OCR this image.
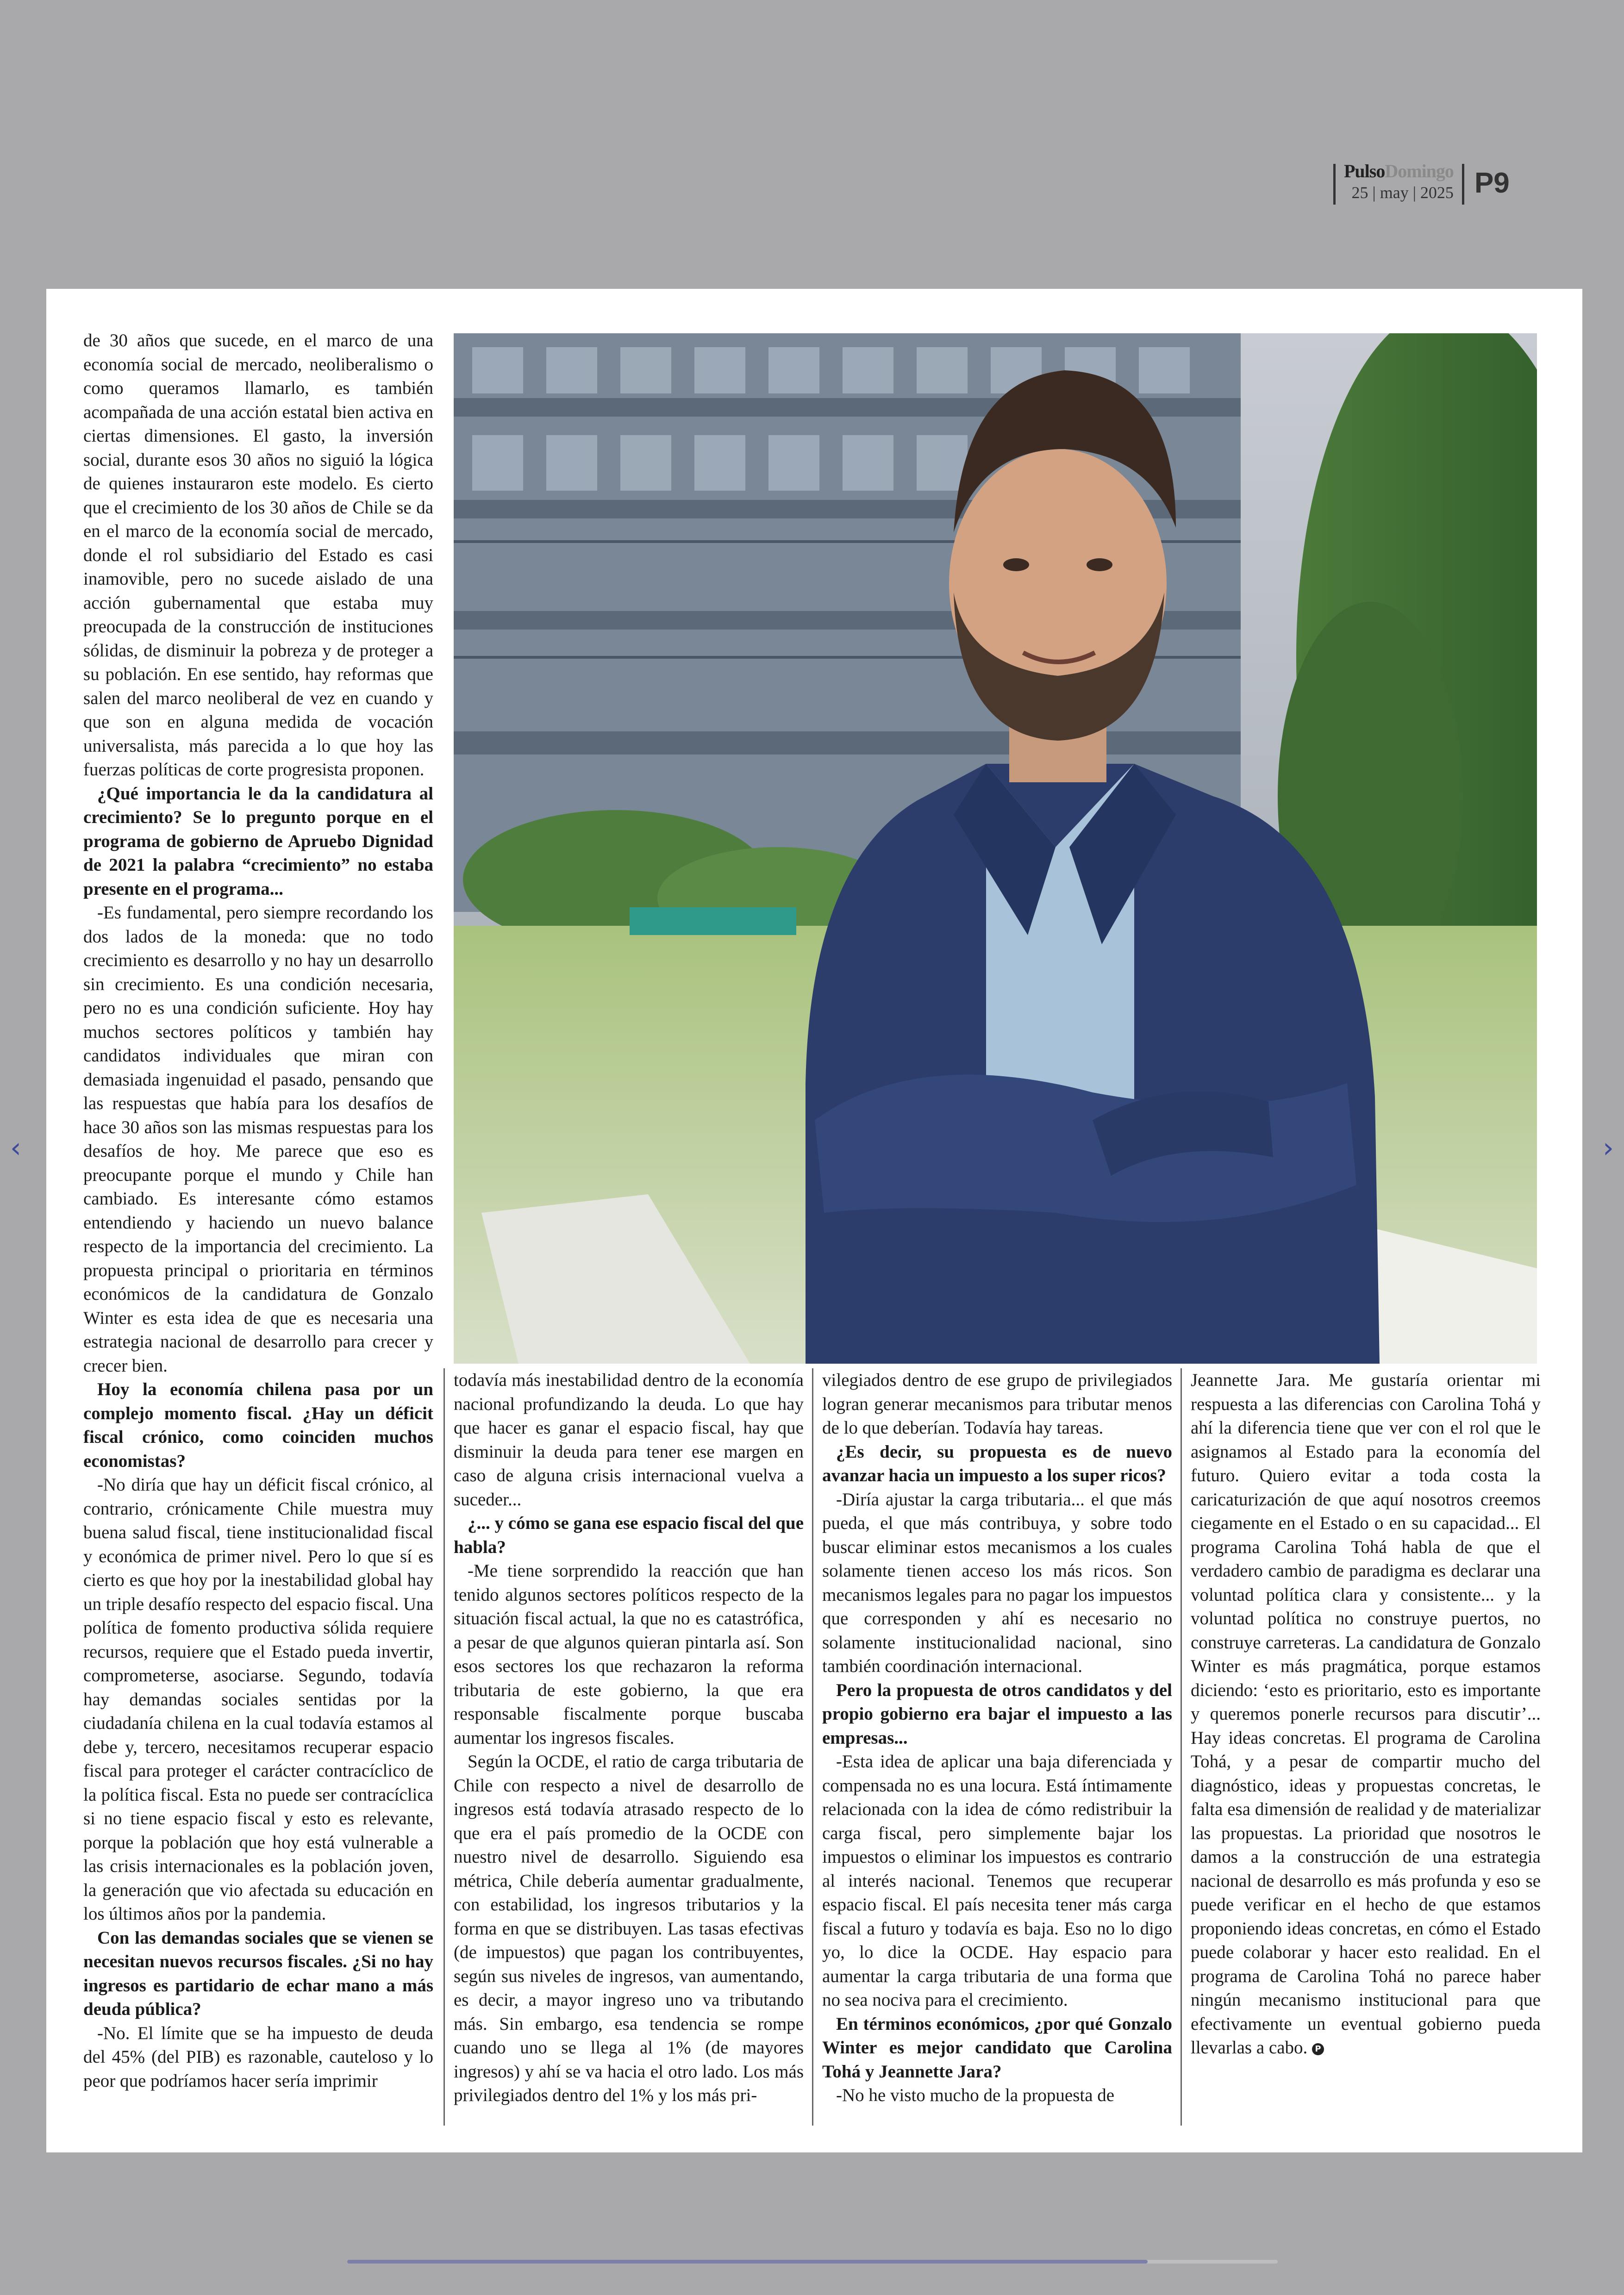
PulsoDomingo
25 | may | 2025 P9

de 30 años que sucede, en el marco de una economía social de mercado, neoliberalismo o como queramos llamarlo, es también acompañada de una acción estatal bien activa en ciertas dimensiones. El gasto, la inversión social, durante esos 30 años no siguió la lógica de quienes instauraron este modelo. Es cierto que el crecimiento de los 30 años de Chile se da en el marco de la economía social de mercado, donde el rol subsidiario del Estado es casi inamovible, pero no sucede aislado de una acción gubernamental que estaba muy preocupada de la construcción de instituciones sólidas, de disminuir la pobreza y de proteger a su población. En ese sentido, hay reformas que salen del marco neoliberal de vez en cuando y que son en alguna medida de vocación universalista, más parecida a lo que hoy las fuerzas políticas de corte progresista proponen.

¿Qué importancia le da la candidatura al crecimiento? Se lo pregunto porque en el programa de gobierno de Apruebo Dignidad de 2021 la palabra “crecimiento” no estaba presente en el programa...

-Es fundamental, pero siempre recordando los dos lados de la moneda: que no todo crecimiento es desarrollo y no hay un desarrollo sin crecimiento. Es una condición necesaria, pero no es una condición suficiente. Hoy hay muchos sectores políticos y también hay candidatos individuales que miran con demasiada ingenuidad el pasado, pensando que las respuestas que había para los desafíos de hace 30 años son las mismas respuestas para los desafíos de hoy. Me parece que eso es preocupante porque el mundo y Chile han cambiado. Es interesante cómo estamos entendiendo y haciendo un nuevo balance respecto de la importancia del crecimiento. La propuesta principal o prioritaria en términos económicos de la candidatura de Gonzalo Winter es esta idea de que es necesaria una estrategia nacional de desarrollo para crecer y crecer bien.

Hoy la economía chilena pasa por un complejo momento fiscal. ¿Hay un déficit fiscal crónico, como coinciden muchos economistas?

-No diría que hay un déficit fiscal crónico, al contrario, crónicamente Chile muestra muy buena salud fiscal, tiene institucionalidad fiscal y económica de primer nivel. Pero lo que sí es cierto es que hoy por la inestabilidad global hay un triple desafío respecto del espacio fiscal. Una política de fomento productiva sólida requiere recursos, requiere que el Estado pueda invertir, comprometerse, asociarse. Segundo, todavía hay demandas sociales sentidas por la ciudadanía chilena en la cual todavía estamos al debe y, tercero, necesitamos recuperar espacio fiscal para proteger el carácter contracíclico de la política fiscal. Esta no puede ser contracíclica si no tiene espacio fiscal y esto es relevante, porque la población que hoy está vulnerable a las crisis internacionales es la población joven, la generación que vio afectada su educación en los últimos años por la pandemia.

Con las demandas sociales que se vienen se necesitan nuevos recursos fiscales. ¿Si no hay ingresos es partidario de echar mano a más deuda pública?

-No. El límite que se ha impuesto de deuda del 45% (del PIB) es razonable, cauteloso y lo peor que podríamos hacer sería imprimir

todavía más inestabilidad dentro de la economía nacional profundizando la deuda. Lo que hay que hacer es ganar el espacio fiscal, hay que disminuir la deuda para tener ese margen en caso de alguna crisis internacional vuelva a suceder...

¿... y cómo se gana ese espacio fiscal del que habla?

-Me tiene sorprendido la reacción que han tenido algunos sectores políticos respecto de la situación fiscal actual, la que no es catastrófica, a pesar de que algunos quieran pintarla así. Son esos sectores los que rechazaron la reforma tributaria de este gobierno, la que era responsable fiscalmente porque buscaba aumentar los ingresos fiscales.

Según la OCDE, el ratio de carga tributaria de Chile con respecto a nivel de desarrollo de ingresos está todavía atrasado respecto de lo que era el país promedio de la OCDE con nuestro nivel de desarrollo. Siguiendo esa métrica, Chile debería aumentar gradualmente, con estabilidad, los ingresos tributarios y la forma en que se distribuyen. Las tasas efectivas (de impuestos) que pagan los contribuyentes, según sus niveles de ingresos, van aumentando, es decir, a mayor ingreso uno va tributando más. Sin embargo, esa tendencia se rompe cuando uno se llega al 1% (de mayores ingresos) y ahí se va hacia el otro lado. Los más privilegiados dentro del 1% y los más pri-

vilegiados dentro de ese grupo de privilegiados logran generar mecanismos para tributar menos de lo que deberían. Todavía hay tareas.

¿Es decir, su propuesta es de nuevo avanzar hacia un impuesto a los super ricos?

-Diría ajustar la carga tributaria... el que más pueda, el que más contribuya, y sobre todo buscar eliminar estos mecanismos a los cuales solamente tienen acceso los más ricos. Son mecanismos legales para no pagar los impuestos que corresponden y ahí es necesario no solamente institucionalidad nacional, sino también coordinación internacional.

Pero la propuesta de otros candidatos y del propio gobierno era bajar el impuesto a las empresas...

-Esta idea de aplicar una baja diferenciada y compensada no es una locura. Está íntimamente relacionada con la idea de cómo redistribuir la carga fiscal, pero simplemente bajar los impuestos o eliminar los impuestos es contrario al interés nacional. Tenemos que recuperar espacio fiscal. El país necesita tener más carga fiscal a futuro y todavía es baja. Eso no lo digo yo, lo dice la OCDE. Hay espacio para aumentar la carga tributaria de una forma que no sea nociva para el crecimiento.

En términos económicos, ¿por qué Gonzalo Winter es mejor candidato que Carolina Tohá y Jeannette Jara?

-No he visto mucho de la propuesta de

Jeannette Jara. Me gustaría orientar mi respuesta a las diferencias con Carolina Tohá y ahí la diferencia tiene que ver con el rol que le asignamos al Estado para la economía del futuro. Quiero evitar a toda costa la caricaturización de que aquí nosotros creemos ciegamente en el Estado o en su capacidad... El programa Carolina Tohá habla de que el verdadero cambio de paradigma es declarar una voluntad política clara y consistente... y la voluntad política no construye puertos, no construye carreteras. La candidatura de Gonzalo Winter es más pragmática, porque estamos diciendo: ‘esto es prioritario, esto es importante y queremos ponerle recursos para discutir’... Hay ideas concretas. El programa de Carolina Tohá, y a pesar de compartir mucho del diagnóstico, ideas y propuestas concretas, le falta esa dimensión de realidad y de materializar las propuestas. La prioridad que nosotros le damos a la construcción de una estrategia nacional de desarrollo es más profunda y eso se puede verificar en el hecho de que estamos proponiendo ideas concretas, en cómo el Estado puede colaborar y hacer esto realidad. En el programa de Carolina Tohá no parece haber ningún mecanismo institucional para que efectivamente un eventual gobierno pueda llevarlas a cabo. P

‹	›
